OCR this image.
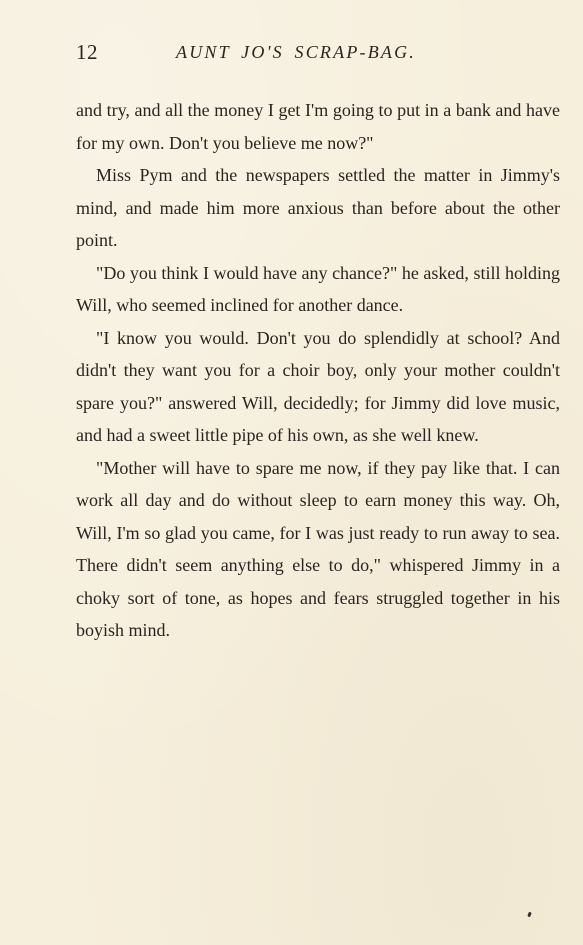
12	AUNT JO'S SCRAP-BAG.

and try, and all the money I get I'm going to put in a bank and have for my own. Don't you believe me now?"

Miss Pym and the newspapers settled the matter in Jimmy's mind, and made him more anxious than before about the other point.

"Do you think I would have any chance?" he asked, still holding Will, who seemed inclined for another dance.

"I know you would. Don't you do splendidly at school? And didn't they want you for a choir boy, only your mother couldn't spare you?" answered Will, decidedly; for Jimmy did love music, and had a sweet little pipe of his own, as she well knew.

"Mother will have to spare me now, if they pay like that. I can work all day and do without sleep to earn money this way. Oh, Will, I'm so glad you came, for I was just ready to run away to sea. There didn't seem anything else to do," whispered Jimmy in a choky sort of tone, as hopes and fears struggled together in his boyish mind.
